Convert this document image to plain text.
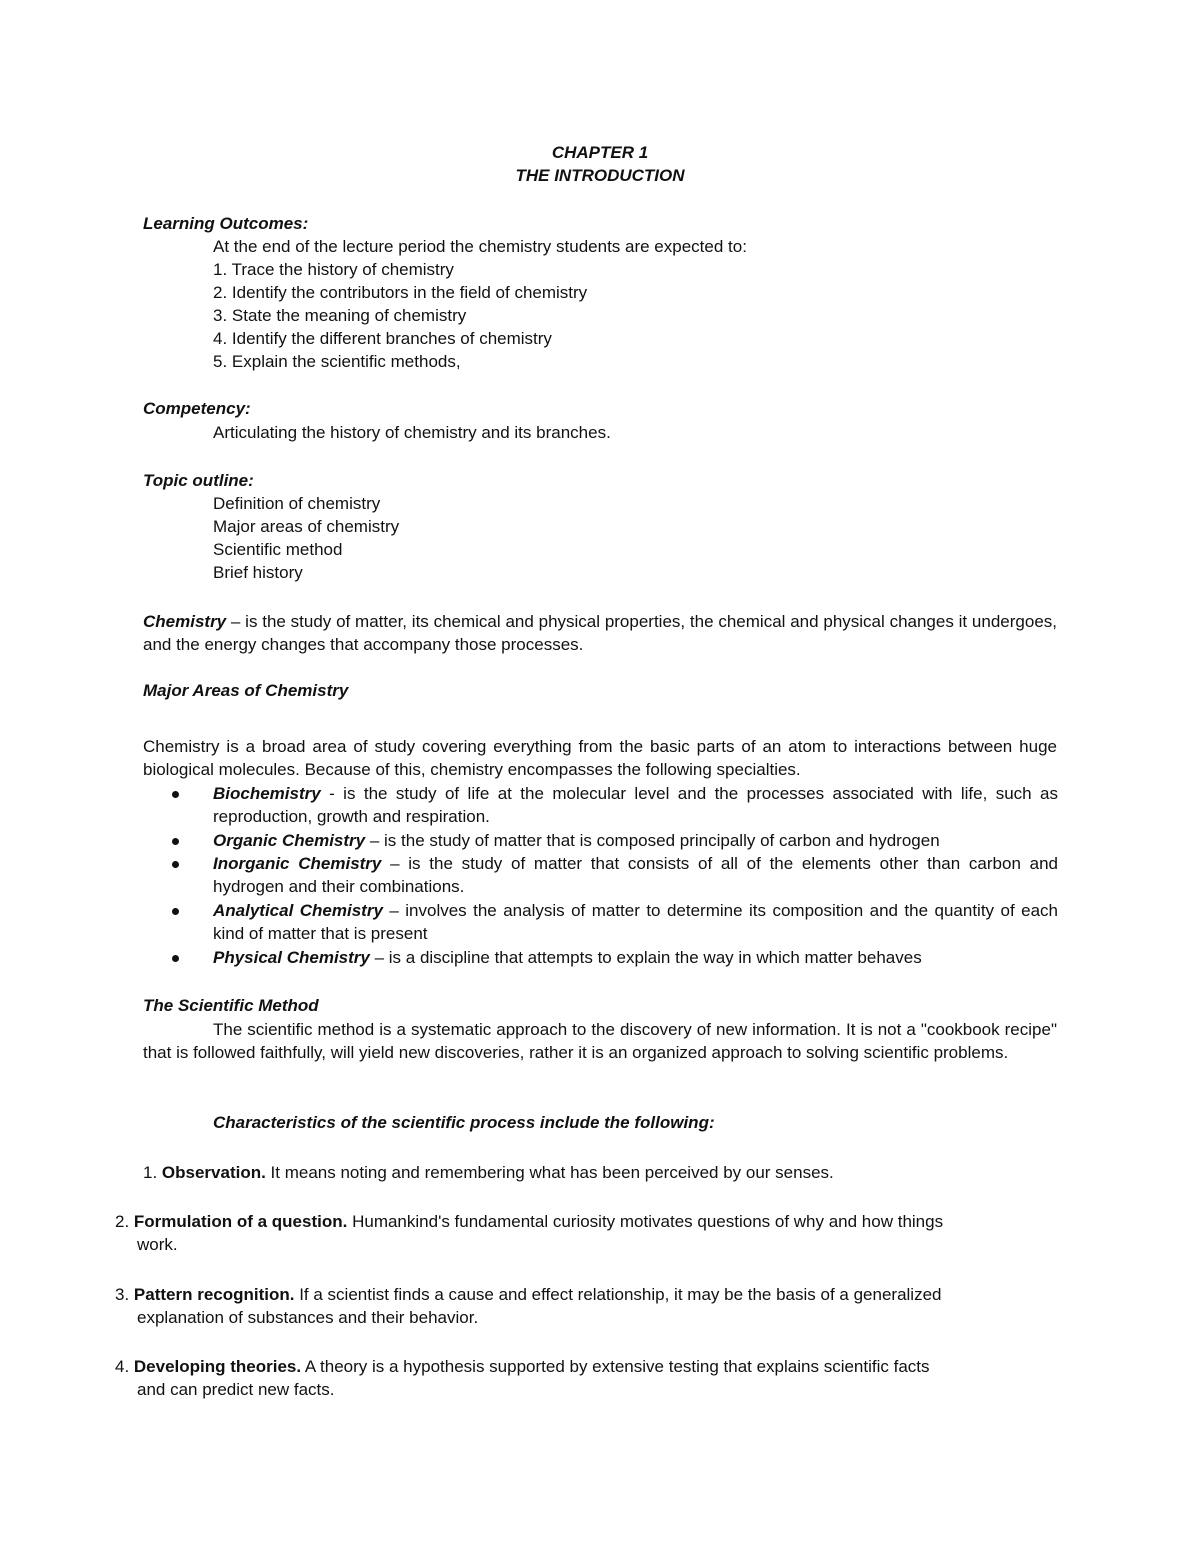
CHAPTER 1
THE INTRODUCTION
Learning Outcomes:
At the end of the lecture period the chemistry students are expected to:
1. Trace the history of chemistry
2. Identify the contributors in the field of chemistry
3. State the meaning of chemistry
4. Identify the different branches of chemistry
5. Explain the scientific methods,
Competency:
Articulating the history of chemistry and its branches.
Topic outline:
Definition of chemistry
Major areas of chemistry
Scientific method
Brief history

Chemistry – is the study of matter, its chemical and physical properties, the chemical and physical changes it undergoes, and the energy changes that accompany those processes.

Major Areas of Chemistry

Chemistry is a broad area of study covering everything from the basic parts of an atom to interactions between huge biological molecules. Because of this, chemistry encompasses the following specialties.

Biochemistry - is the study of life at the molecular level and the processes associated with life, such as reproduction, growth and respiration.
Organic Chemistry – is the study of matter that is composed principally of carbon and hydrogen
Inorganic Chemistry – is the study of matter that consists of all of the elements other than carbon and hydrogen and their combinations.
Analytical Chemistry – involves the analysis of matter to determine its composition and the quantity of each kind of matter that is present
Physical Chemistry – is a discipline that attempts to explain the way in which matter behaves
The Scientific Method

The scientific method is a systematic approach to the discovery of new information. It is not a "cookbook recipe" that is followed faithfully, will yield new discoveries, rather it is an organized approach to solving scientific problems.

Characteristics of the scientific process include the following:
1. Observation. It means noting and remembering what has been perceived by our senses.
2. Formulation of a question. Humankind's fundamental curiosity motivates questions of why and how things
work.
3. Pattern recognition. If a scientist finds a cause and effect relationship, it may be the basis of a generalized
explanation of substances and their behavior.
4. Developing theories. A theory is a hypothesis supported by extensive testing that explains scientific facts
and can predict new facts.
